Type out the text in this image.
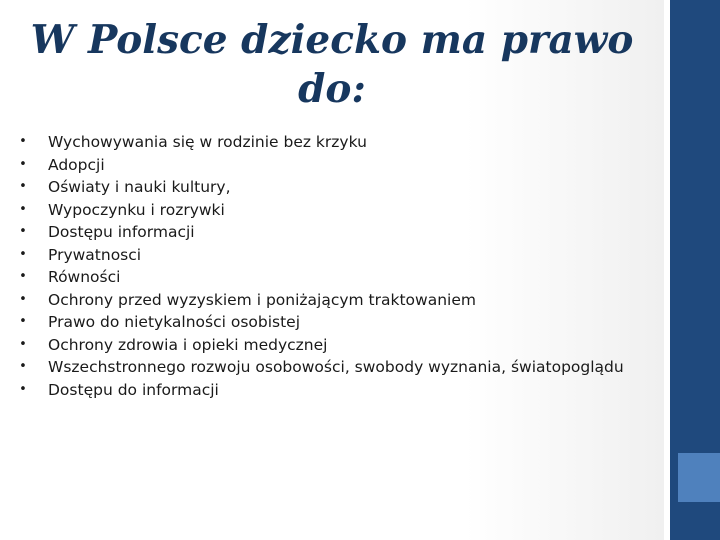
W Polsce dziecko ma prawo
do:
• Wychowywania się w rodzinie bez krzyku
• Adopcji
• Oświaty i nauki kultury,
• Wypoczynku i rozrywki
• Dostępu informacji
• Prywatnosci
• Równości
• Ochrony przed wyzyskiem i poniżającym traktowaniem
• Prawo do nietykalności osobistej
• Ochrony zdrowia i opieki medycznej
• Wszechstronnego rozwoju osobowości, swobody wyznania, światopoglądu
• Dostępu do informacji
